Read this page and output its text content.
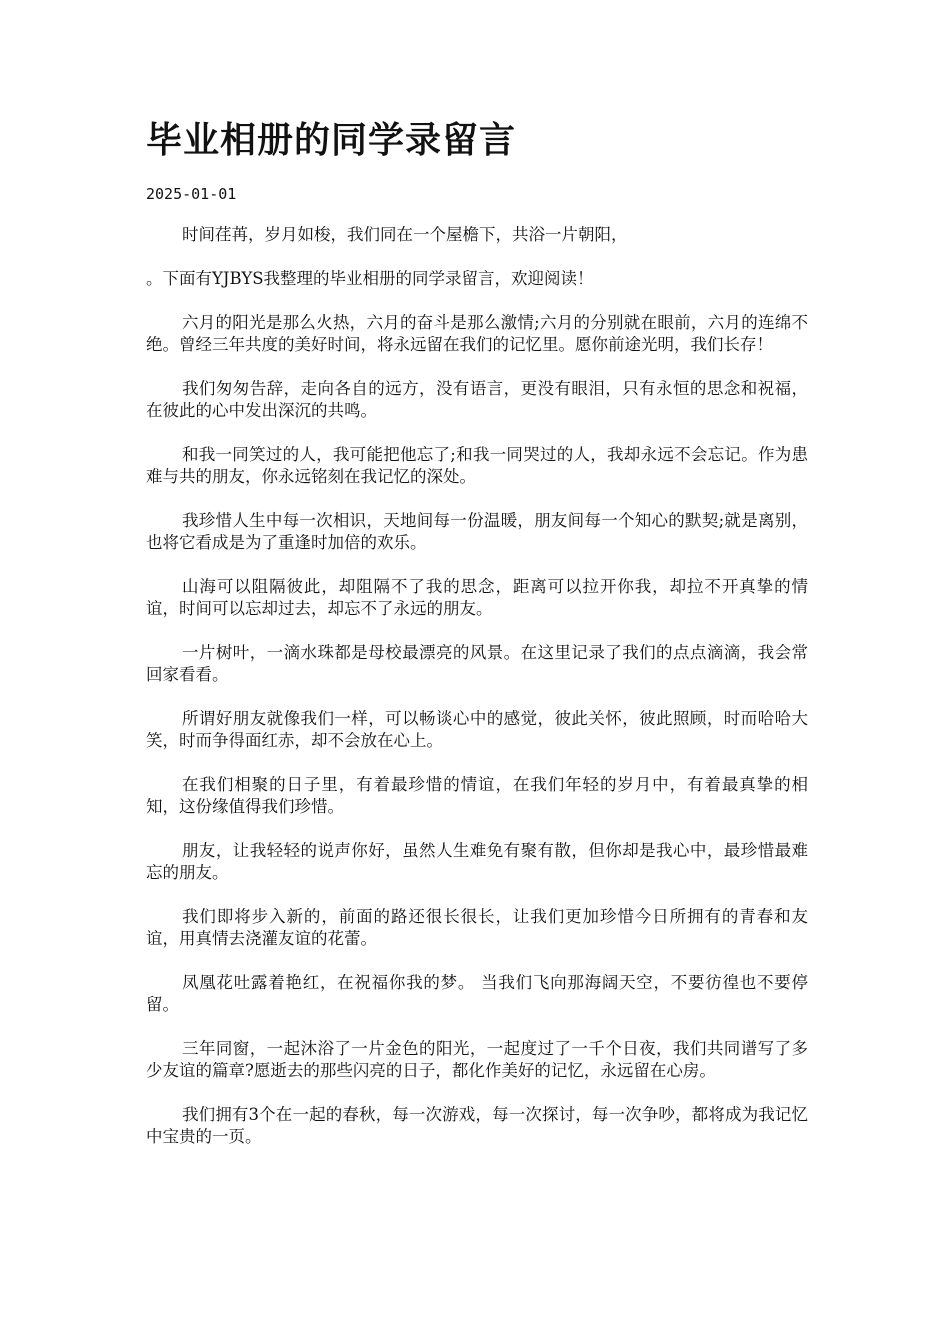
毕业相册的同学录留言
2025-01-01

时间荏苒，岁月如梭，我们同在一个屋檐下，共浴一片朝阳，

。下面有YJBYS我整理的毕业相册的同学录留言，欢迎阅读！

六月的阳光是那么火热，六月的奋斗是那么激情;六月的分别就在眼前，六月的连绵不绝。曾经三年共度的美好时间，将永远留在我们的记忆里。愿你前途光明，我们长存！

我们匆匆告辞，走向各自的远方，没有语言，更没有眼泪，只有永恒的思念和祝福，在彼此的心中发出深沉的共鸣。

和我一同笑过的人，我可能把他忘了;和我一同哭过的人，我却永远不会忘记。作为患难与共的朋友，你永远铭刻在我记忆的深处。

我珍惜人生中每一次相识，天地间每一份温暖，朋友间每一个知心的默契;就是离别，也将它看成是为了重逢时加倍的欢乐。

山海可以阻隔彼此，却阻隔不了我的思念，距离可以拉开你我，却拉不开真挚的情谊，时间可以忘却过去，却忘不了永远的朋友。

一片树叶，一滴水珠都是母校最漂亮的风景。在这里记录了我们的点点滴滴，我会常回家看看。

所谓好朋友就像我们一样，可以畅谈心中的感觉，彼此关怀，彼此照顾，时而哈哈大笑，时而争得面红赤，却不会放在心上。

在我们相聚的日子里，有着最珍惜的情谊，在我们年轻的岁月中，有着最真挚的相知，这份缘值得我们珍惜。

朋友，让我轻轻的说声你好，虽然人生难免有聚有散，但你却是我心中，最珍惜最难忘的朋友。

我们即将步入新的，前面的路还很长很长，让我们更加珍惜今日所拥有的青春和友谊，用真情去浇灌友谊的花蕾。

凤凰花吐露着艳红，在祝福你我的梦。 当我们飞向那海阔天空，不要彷徨也不要停留。

三年同窗，一起沐浴了一片金色的阳光，一起度过了一千个日夜，我们共同谱写了多少友谊的篇章?愿逝去的那些闪亮的日子，都化作美好的记忆，永远留在心房。

我们拥有3个在一起的春秋，每一次游戏，每一次探讨，每一次争吵，都将成为我记忆中宝贵的一页。
